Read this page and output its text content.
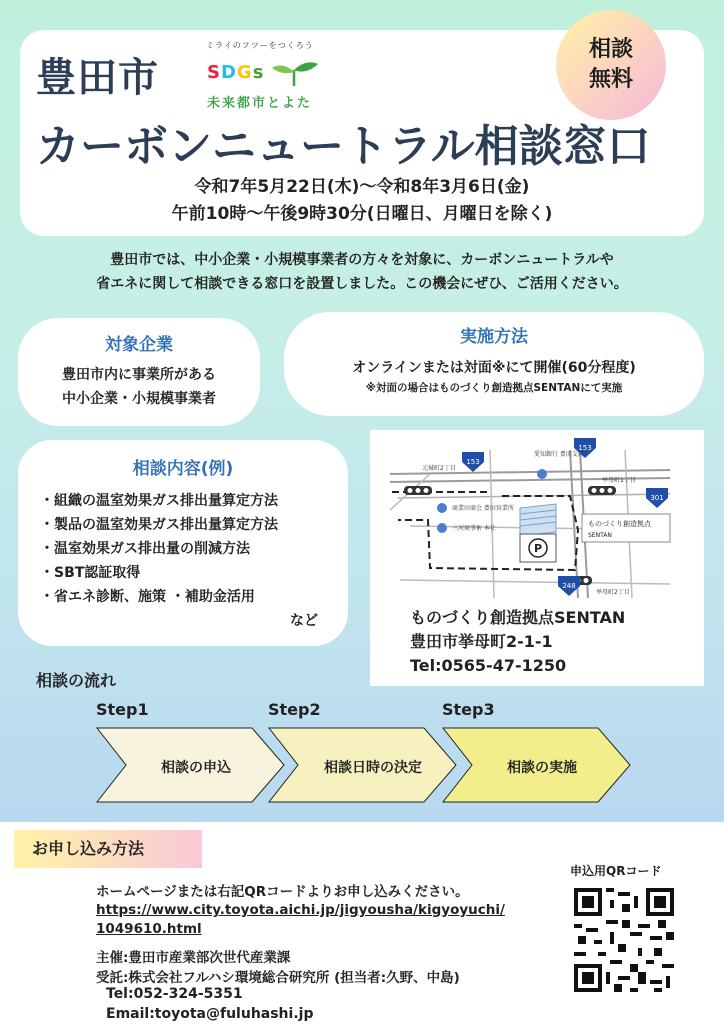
豊田市
ミライのフツーをつくろう
SDGs
未来都市とよた
カーボンニュートラル相談窓口
令和7年5月22日(木)～令和8年3月6日(金)
午前10時～午後9時30分(日曜日、月曜日を除く)
相談
無料
豊田市では、中小企業・小規模事業者の方々を対象に、カーボンニュートラルや
省エネに関して相談できる窓口を設置しました。この機会にぜひ、ご活用ください。
対象企業
豊田市内に事業所がある
中小企業・小規模事業者
実施方法
オンラインまたは対面※にて開催(60分程度)
※対面の場合はものづくり創造拠点SENTANにて実施
相談内容(例)
・組織の温室効果ガス排出量算定方法
・製品の温室効果ガス排出量算定方法
・温室効果ガス排出量の削減方法
・SBT認証取得
・省エネ診断、施策 ・補助金活用
など
153
153
301
248
愛知銀行 豊田支店
商業田商会 豊田営業所
三河商事術 本社
元城町2丁目
挙母町1丁目
挙母町2丁目
ものづくり創造拠点
SENTAN
P
ものづくり創造拠点SENTAN
豊田市挙母町2-1-1
Tel:0565-47-1250
相談の流れ
Step1	Step2	Step3
相談の申込	相談日時の決定	相談の実施
お申し込み方法
ホームページまたは右記QRコードよりお申し込みください。
https://www.city.toyota.aichi.jp/jigyousha/kigyoyuchi/
1049610.html
主催:豊田市産業部次世代産業課
受託:株式会社フルハシ環境総合研究所 (担当者:久野、中島)
Tel:052-324-5351
Email:toyota@fuluhashi.jp
申込用QRコード
